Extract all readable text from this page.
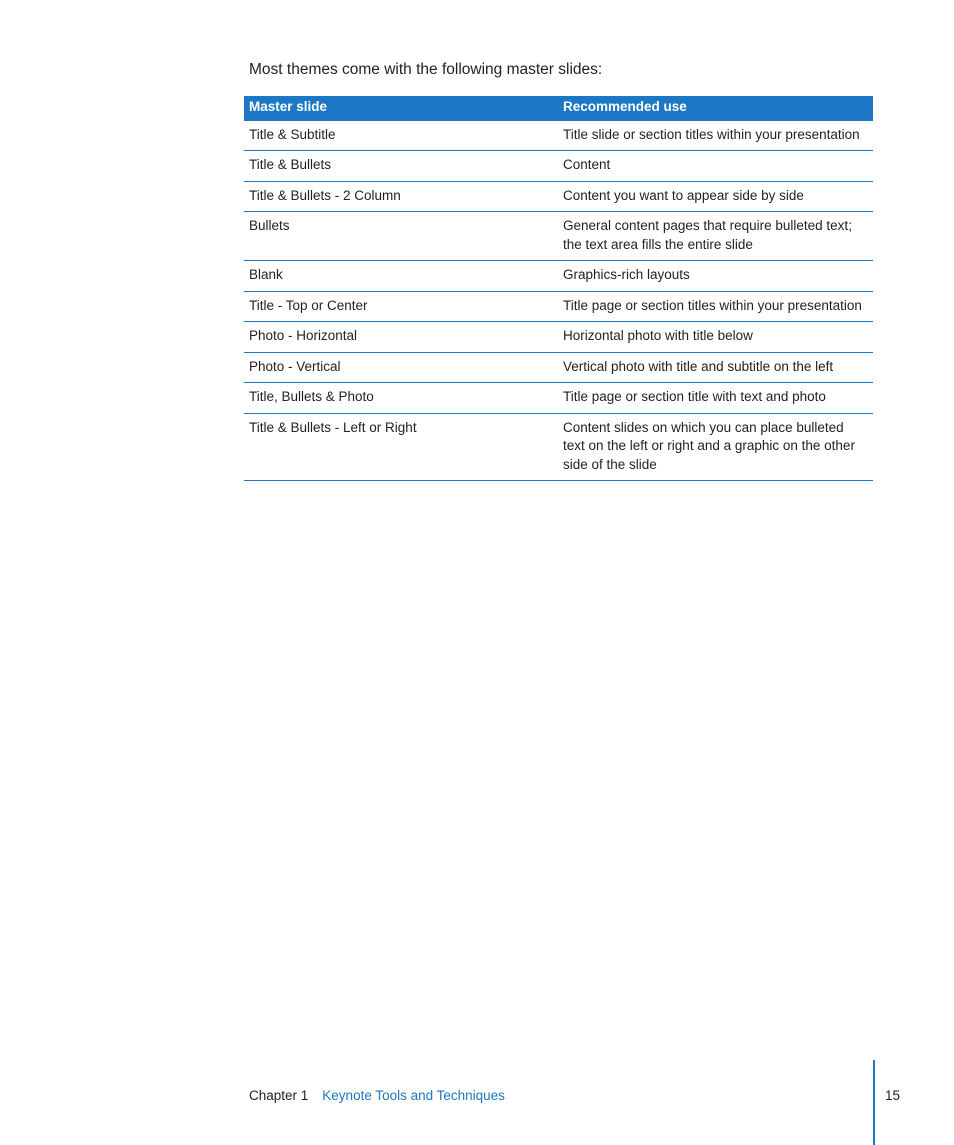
Most themes come with the following master slides:

Master slide	Recommended use
Title & Subtitle	Title slide or section titles within your presentation
Title & Bullets	Content
Title & Bullets - 2 Column	Content you want to appear side by side
Bullets	General content pages that require bulleted text; the text area fills the entire slide
Blank	Graphics-rich layouts
Title - Top or Center	Title page or section titles within your presentation
Photo - Horizontal	Horizontal photo with title below
Photo - Vertical	Vertical photo with title and subtitle on the left
Title, Bullets & Photo	Title page or section title with text and photo
Title & Bullets - Left or Right	Content slides on which you can place bulleted text on the left or right and a graphic on the other side of the slide
Chapter 1 Keynote Tools and Techniques	15
